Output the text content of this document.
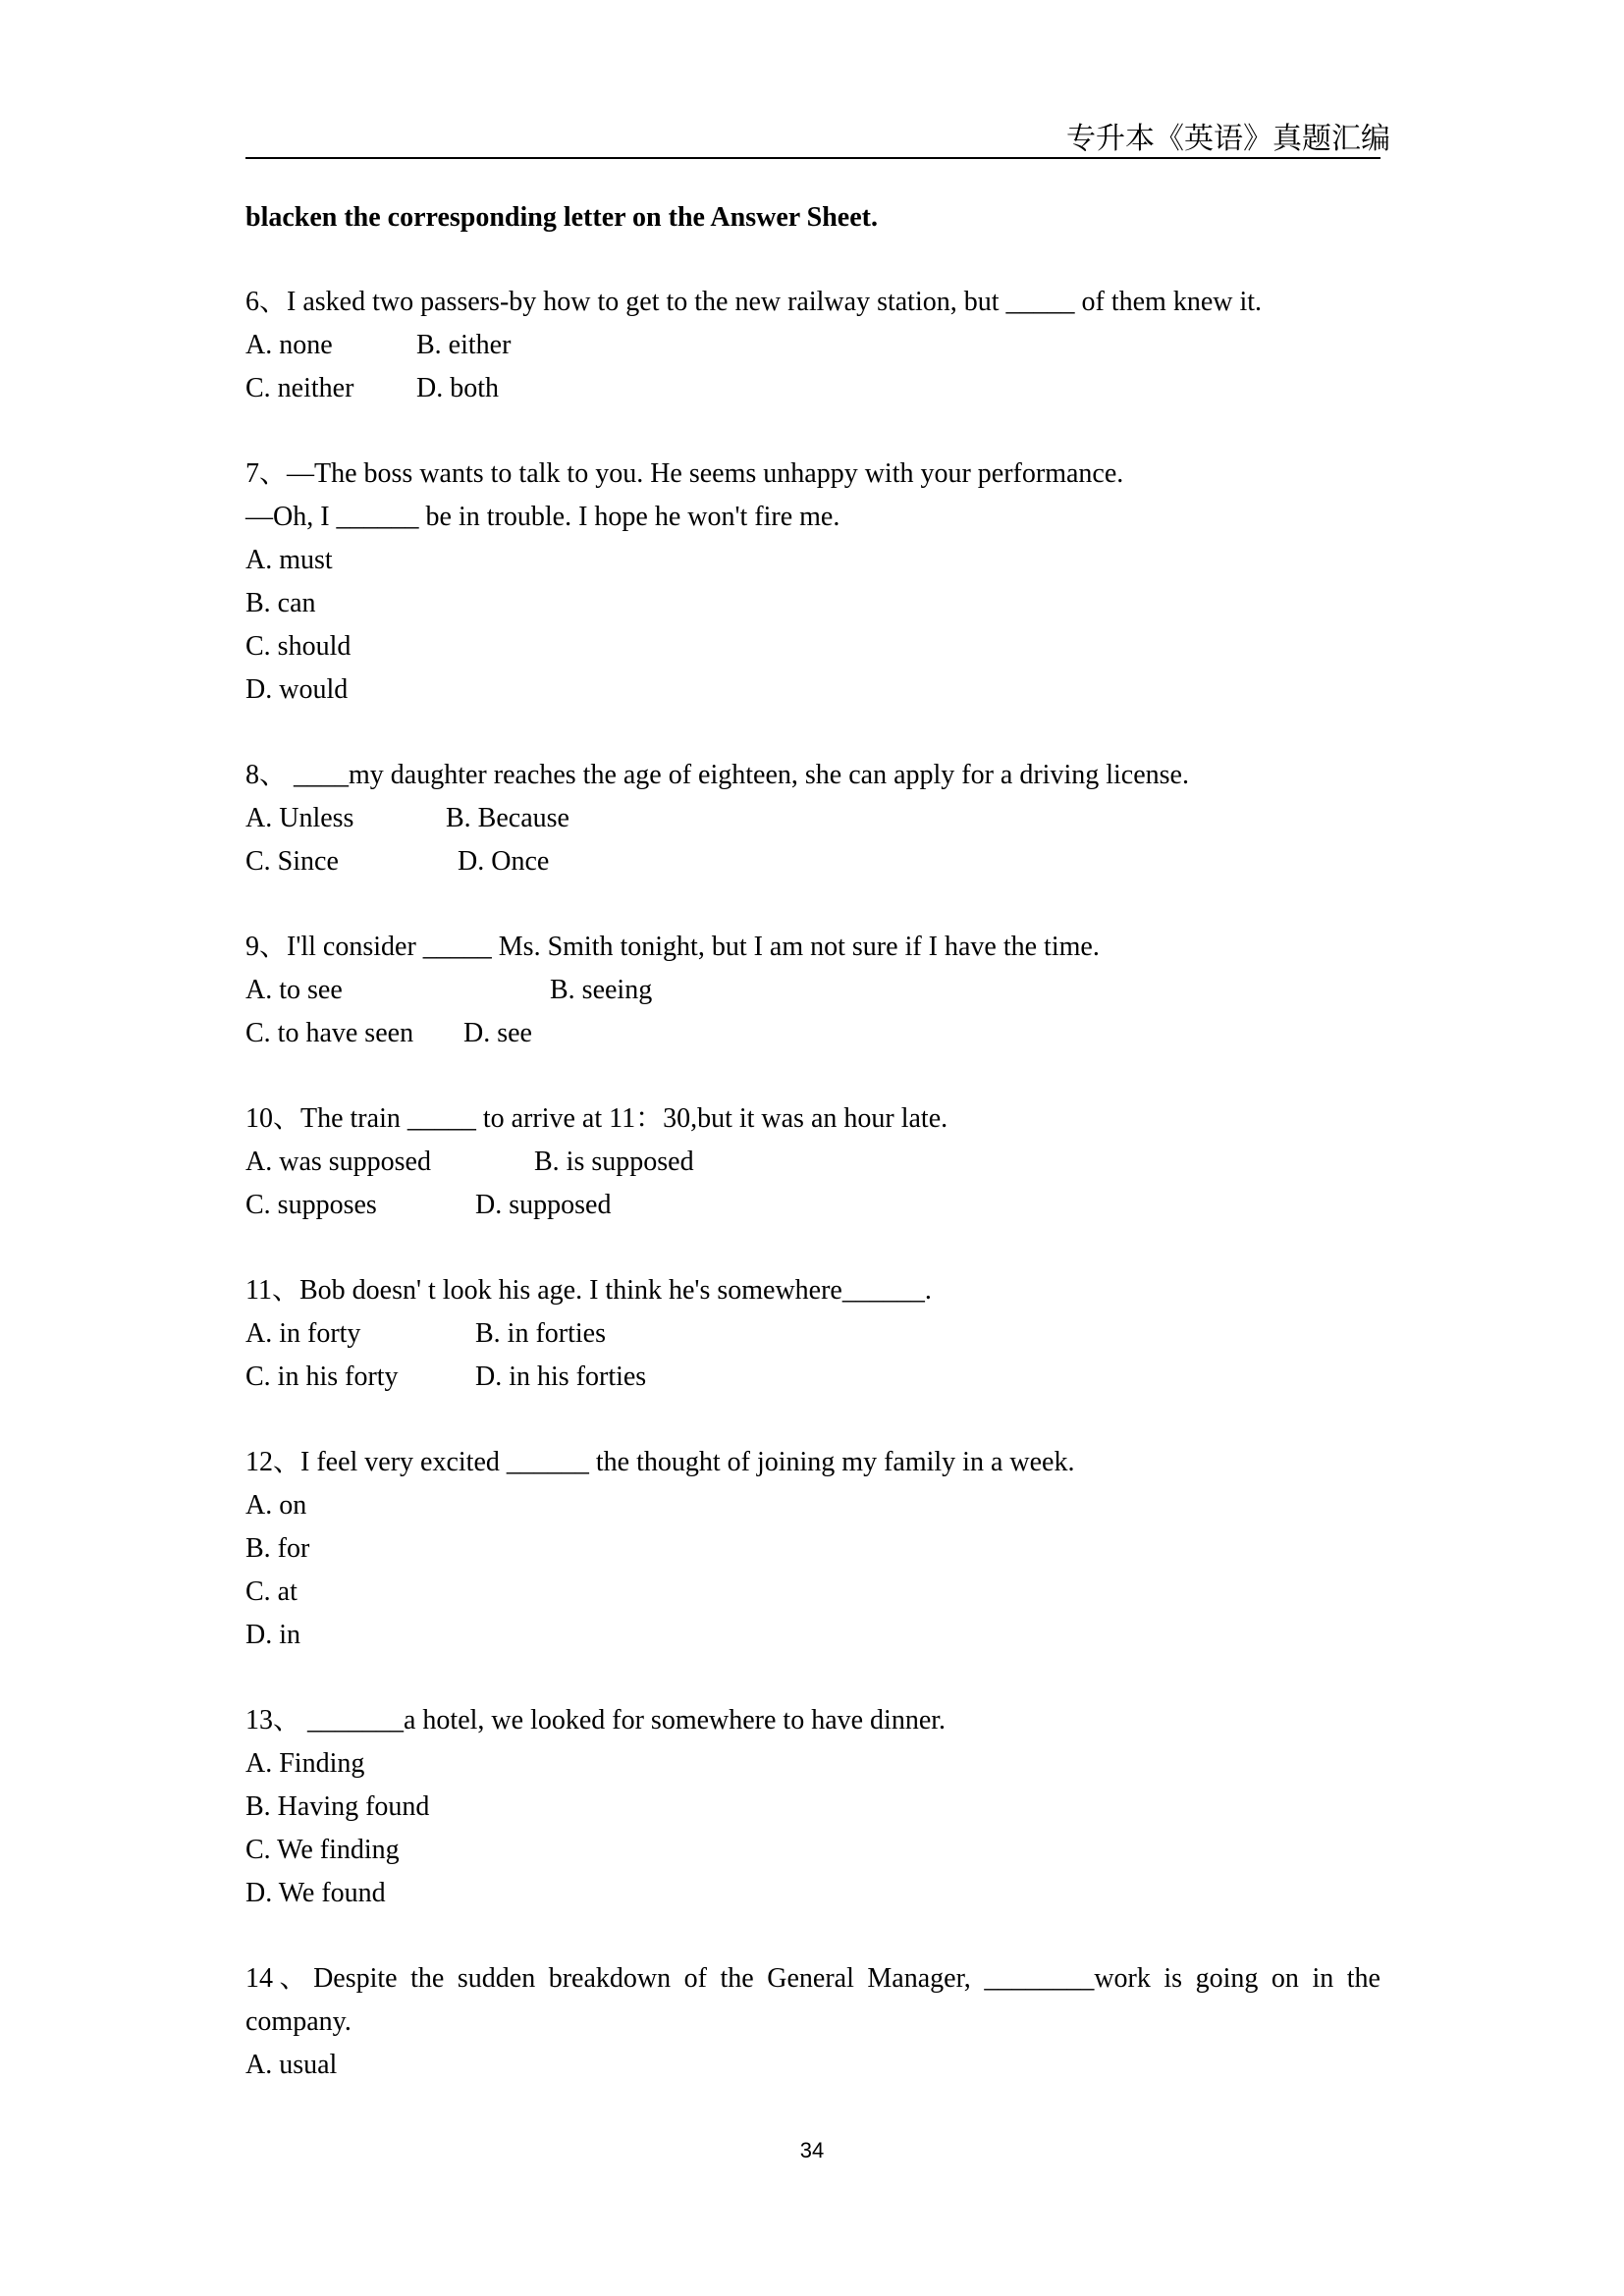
专升本《英语》真题汇编
blacken the corresponding letter on the Answer Sheet.
6、I asked two passers-by how to get to the new railway station, but _____ of them knew it.
A. none	B. either
C. neither	D. both
7、—The boss wants to talk to you. He seems unhappy with your performance.
—Oh, I ______ be in trouble. I hope he won't fire me.
A. must
B. can
C. should
D. would
8、 ____my daughter reaches the age of eighteen, she can apply for a driving license.
A. Unless	B. Because
C. Since	D. Once
9、I'll consider _____ Ms. Smith tonight, but I am not sure if I have the time.
A. to see	B. seeing
C. to have seen	D. see
10、The train _____ to arrive at 11：30,but it was an hour late.
A. was supposed	B. is supposed
C. supposes	D. supposed
11、Bob doesn' t look his age. I think he's somewhere______.
A. in forty	B. in forties
C. in his forty	D. in his forties
12、I feel very excited ______ the thought of joining my family in a week.
A. on
B. for
C. at
D. in
13、 _______a hotel, we looked for somewhere to have dinner.
A. Finding
B. Having found
C. We finding
D. We found
14、Despite the sudden breakdown of the General Manager, ________work is going on in the company.
A. usual
34
